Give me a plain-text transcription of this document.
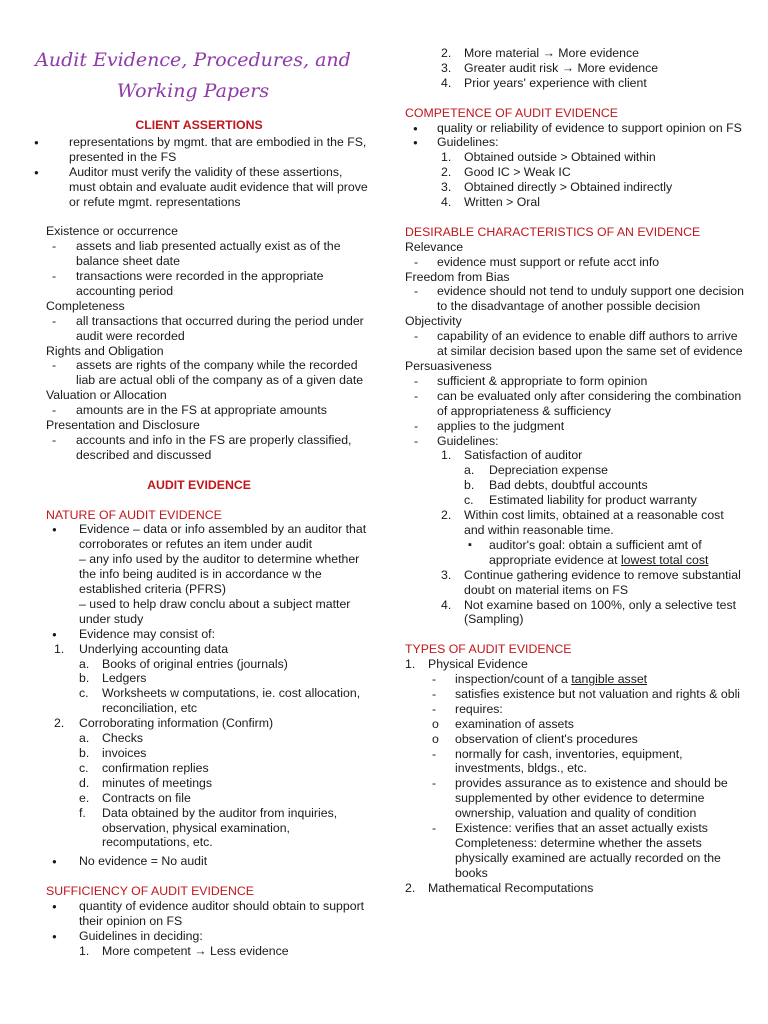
Audit Evidence, Procedures, and Working Papers
CLIENT ASSERTIONS
● representations by mgmt. that are embodied in the FS, presented in the FS
● Auditor must verify the validity of these assertions, must obtain and evaluate audit evidence that will prove or refute mgmt. representations
Existence or occurrence
- assets and liab presented actually exist as of the balance sheet date
- transactions were recorded in the appropriate accounting period
Completeness
- all transactions that occurred during the period under audit were recorded
Rights and Obligation
- assets are rights of the company while the recorded liab are actual obli of the company as of a given date
Valuation or Allocation
- amounts are in the FS at appropriate amounts
Presentation and Disclosure
- accounts and info in the FS are properly classified, described and discussed
AUDIT EVIDENCE
NATURE OF AUDIT EVIDENCE
● Evidence – data or info assembled by an auditor that corroborates or refutes an item under audit
– any info used by the auditor to determine whether the info being audited is in accordance w the established criteria (PFRS)
– used to help draw conclu about a subject matter under study
● Evidence may consist of:
1. Underlying accounting data
a. Books of original entries (journals)
b. Ledgers
c. Worksheets w computations, ie. cost allocation, reconciliation, etc
2. Corroborating information (Confirm)
a. Checks
b. invoices
c. confirmation replies
d. minutes of meetings
e. Contracts on file
f. Data obtained by the auditor from inquiries, observation, physical examination, recomputations, etc.
● No evidence = No audit
SUFFICIENCY OF AUDIT EVIDENCE
● quantity of evidence auditor should obtain to support their opinion on FS
● Guidelines in deciding:
1. More competent → Less evidence
2. More material → More evidence
3. Greater audit risk → More evidence
4. Prior years' experience with client
COMPETENCE OF AUDIT EVIDENCE
● quality or reliability of evidence to support opinion on FS
● Guidelines:
1. Obtained outside > Obtained within
2. Good IC > Weak IC
3. Obtained directly > Obtained indirectly
4. Written > Oral
DESIRABLE CHARACTERISTICS OF AN EVIDENCE
Relevance
- evidence must support or refute acct info
Freedom from Bias
- evidence should not tend to unduly support one decision to the disadvantage of another possible decision
Objectivity
- capability of an evidence to enable diff authors to arrive at similar decision based upon the same set of evidence
Persuasiveness
- sufficient & appropriate to form opinion
- can be evaluated only after considering the combination of appropriateness & sufficiency
- applies to the judgment
- Guidelines:
1. Satisfaction of auditor
a. Depreciation expense
b. Bad debts, doubtful accounts
c. Estimated liability for product warranty
2. Within cost limits, obtained at a reasonable cost and within reasonable time.
▪ auditor's goal: obtain a sufficient amt of appropriate evidence at lowest total cost
3. Continue gathering evidence to remove substantial doubt on material items on FS
4. Not examine based on 100%, only a selective test (Sampling)
TYPES OF AUDIT EVIDENCE
1. Physical Evidence
- inspection/count of a tangible asset
- satisfies existence but not valuation and rights & obli
- requires:
o examination of assets
o observation of client's procedures
- normally for cash, inventories, equipment, investments, bldgs., etc.
- provides assurance as to existence and should be supplemented by other evidence to determine ownership, valuation and quality of condition
- Existence: verifies that an asset actually exists
Completeness: determine whether the assets physically examined are actually recorded on the books
2. Mathematical Recomputations
